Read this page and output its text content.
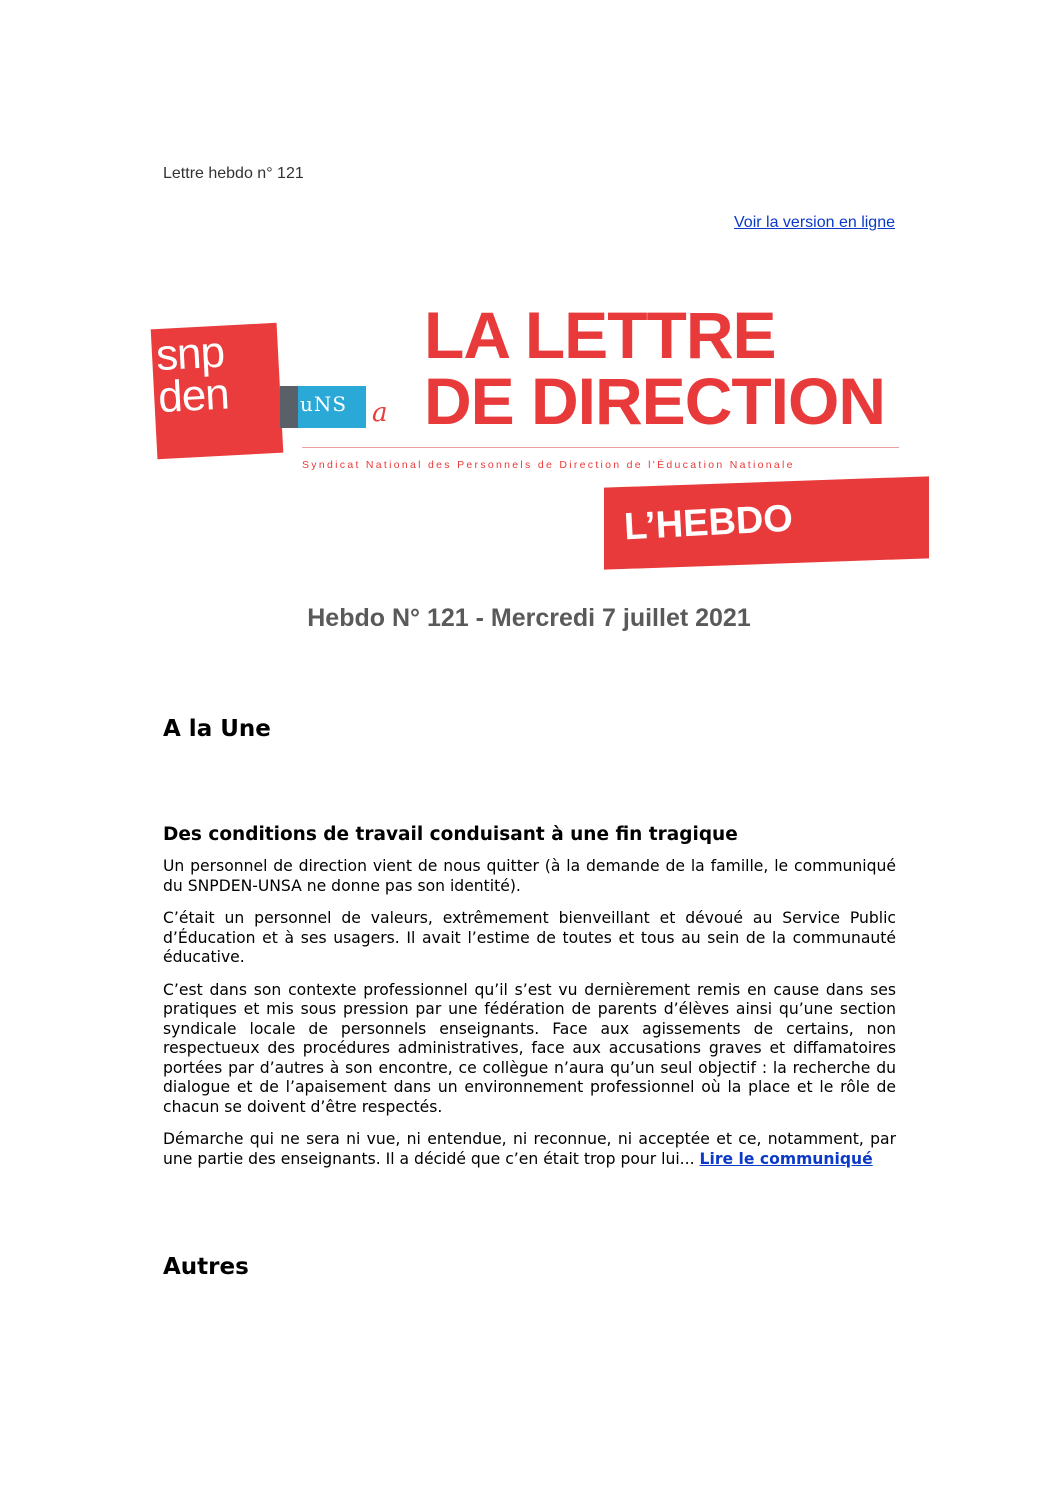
Lettre hebdo n° 121
Voir la version en ligne
snp
den	uNS a
LA LETTRE
DE DIRECTION
Syndicat National des Personnels de Direction de l'Éducation Nationale
L’HEBDO
Hebdo N° 121 - Mercredi 7 juillet 2021
A la Une
Des conditions de travail conduisant à une fin tragique

Un personnel de direction vient de nous quitter (à la demande de la famille, le communiqué du SNPDEN-UNSA ne donne pas son identité).

C’était un personnel de valeurs, extrêmement bienveillant et dévoué au Service Public d’Éducation et à ses usagers. Il avait l’estime de toutes et tous au sein de la communauté éducative.

C’est dans son contexte professionnel qu’il s’est vu dernièrement remis en cause dans ses pratiques et mis sous pression par une fédération de parents d’élèves ainsi qu’une section syndicale locale de personnels enseignants. Face aux agissements de certains, non respectueux des procédures administratives, face aux accusations graves et diffamatoires portées par d’autres à son encontre, ce collègue n’aura qu’un seul objectif : la recherche du dialogue et de l’apaisement dans un environnement professionnel où la place et le rôle de chacun se doivent d’être respectés.

Démarche qui ne sera ni vue, ni entendue, ni reconnue, ni acceptée et ce, notamment, par une partie des enseignants. Il a décidé que c’en était trop pour lui... Lire le communiqué

Autres
